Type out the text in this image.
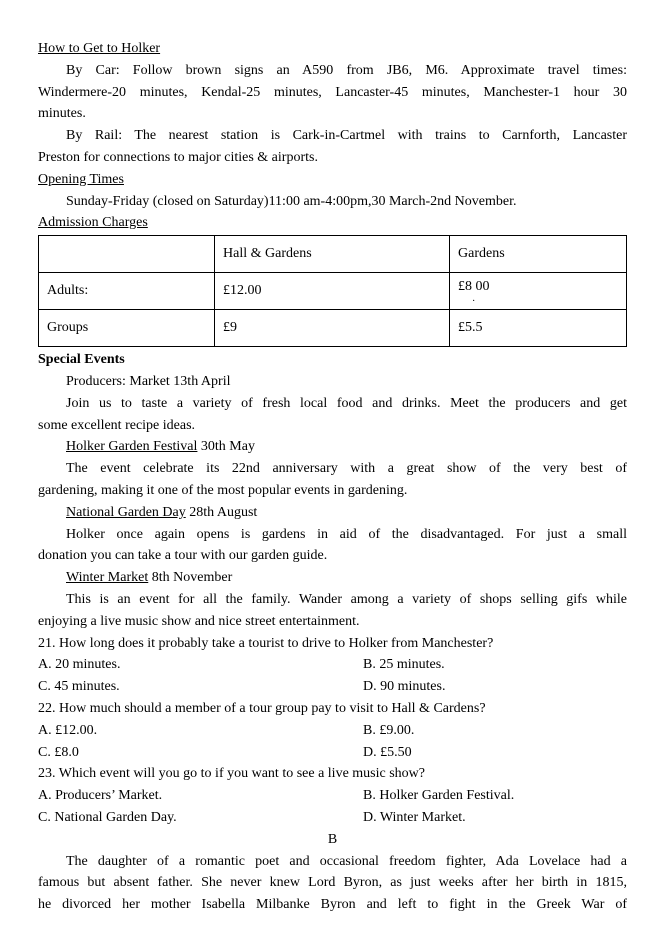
How to Get to Holker
By Car: Follow brown signs an A590 from JB6, M6. Approximate travel times:
Windermere-20 minutes, Kendal-25 minutes, Lancaster-45 minutes, Manchester-1 hour 30
minutes.
By Rail: The nearest station is Cark-in-Cartmel with trains to Carnforth, Lancaster
Preston for connections to major cities & airports.
Opening Times
Sunday-Friday (closed on Saturday)11:00 am-4:00pm,30 March-2nd November.
Admission Charges
	Hall & Gardens	Gardens
Adults:	£12.00	£8 00
·

Groups	£9	£5.5
Special Events
Producers: Market 13th April
Join us to taste a variety of fresh local food and drinks. Meet the producers and get
some excellent recipe ideas.
Holker Garden Festival 30th May
The event celebrate its 22nd anniversary with a great show of the very best of
gardening, making it one of the most popular events in gardening.
National Garden Day 28th August
Holker once again opens is gardens in aid of the disadvantaged. For just a small
donation you can take a tour with our garden guide.
Winter Market 8th November
This is an event for all the family. Wander among a variety of shops selling gifs while
enjoying a live music show and nice street entertainment.
21. How long does it probably take a tourist to drive to Holker from Manchester?
A. 20 minutes.	B. 25 minutes.
C. 45 minutes.	D. 90 minutes.
22. How much should a member of a tour group pay to visit to Hall & Cardens?
A. £12.00.	B. £9.00.
C. £8.0	D. £5.50
23. Which event will you go to if you want to see a live music show?
A. Producers’ Market.	B. Holker Garden Festival.
C. National Garden Day.	D. Winter Market.
B
The daughter of a romantic poet and occasional freedom fighter, Ada Lovelace had a
famous but absent father. She never knew Lord Byron, as just weeks after her birth in 1815,
he divorced her mother Isabella Milbanke Byron and left to fight in the Greek War of
